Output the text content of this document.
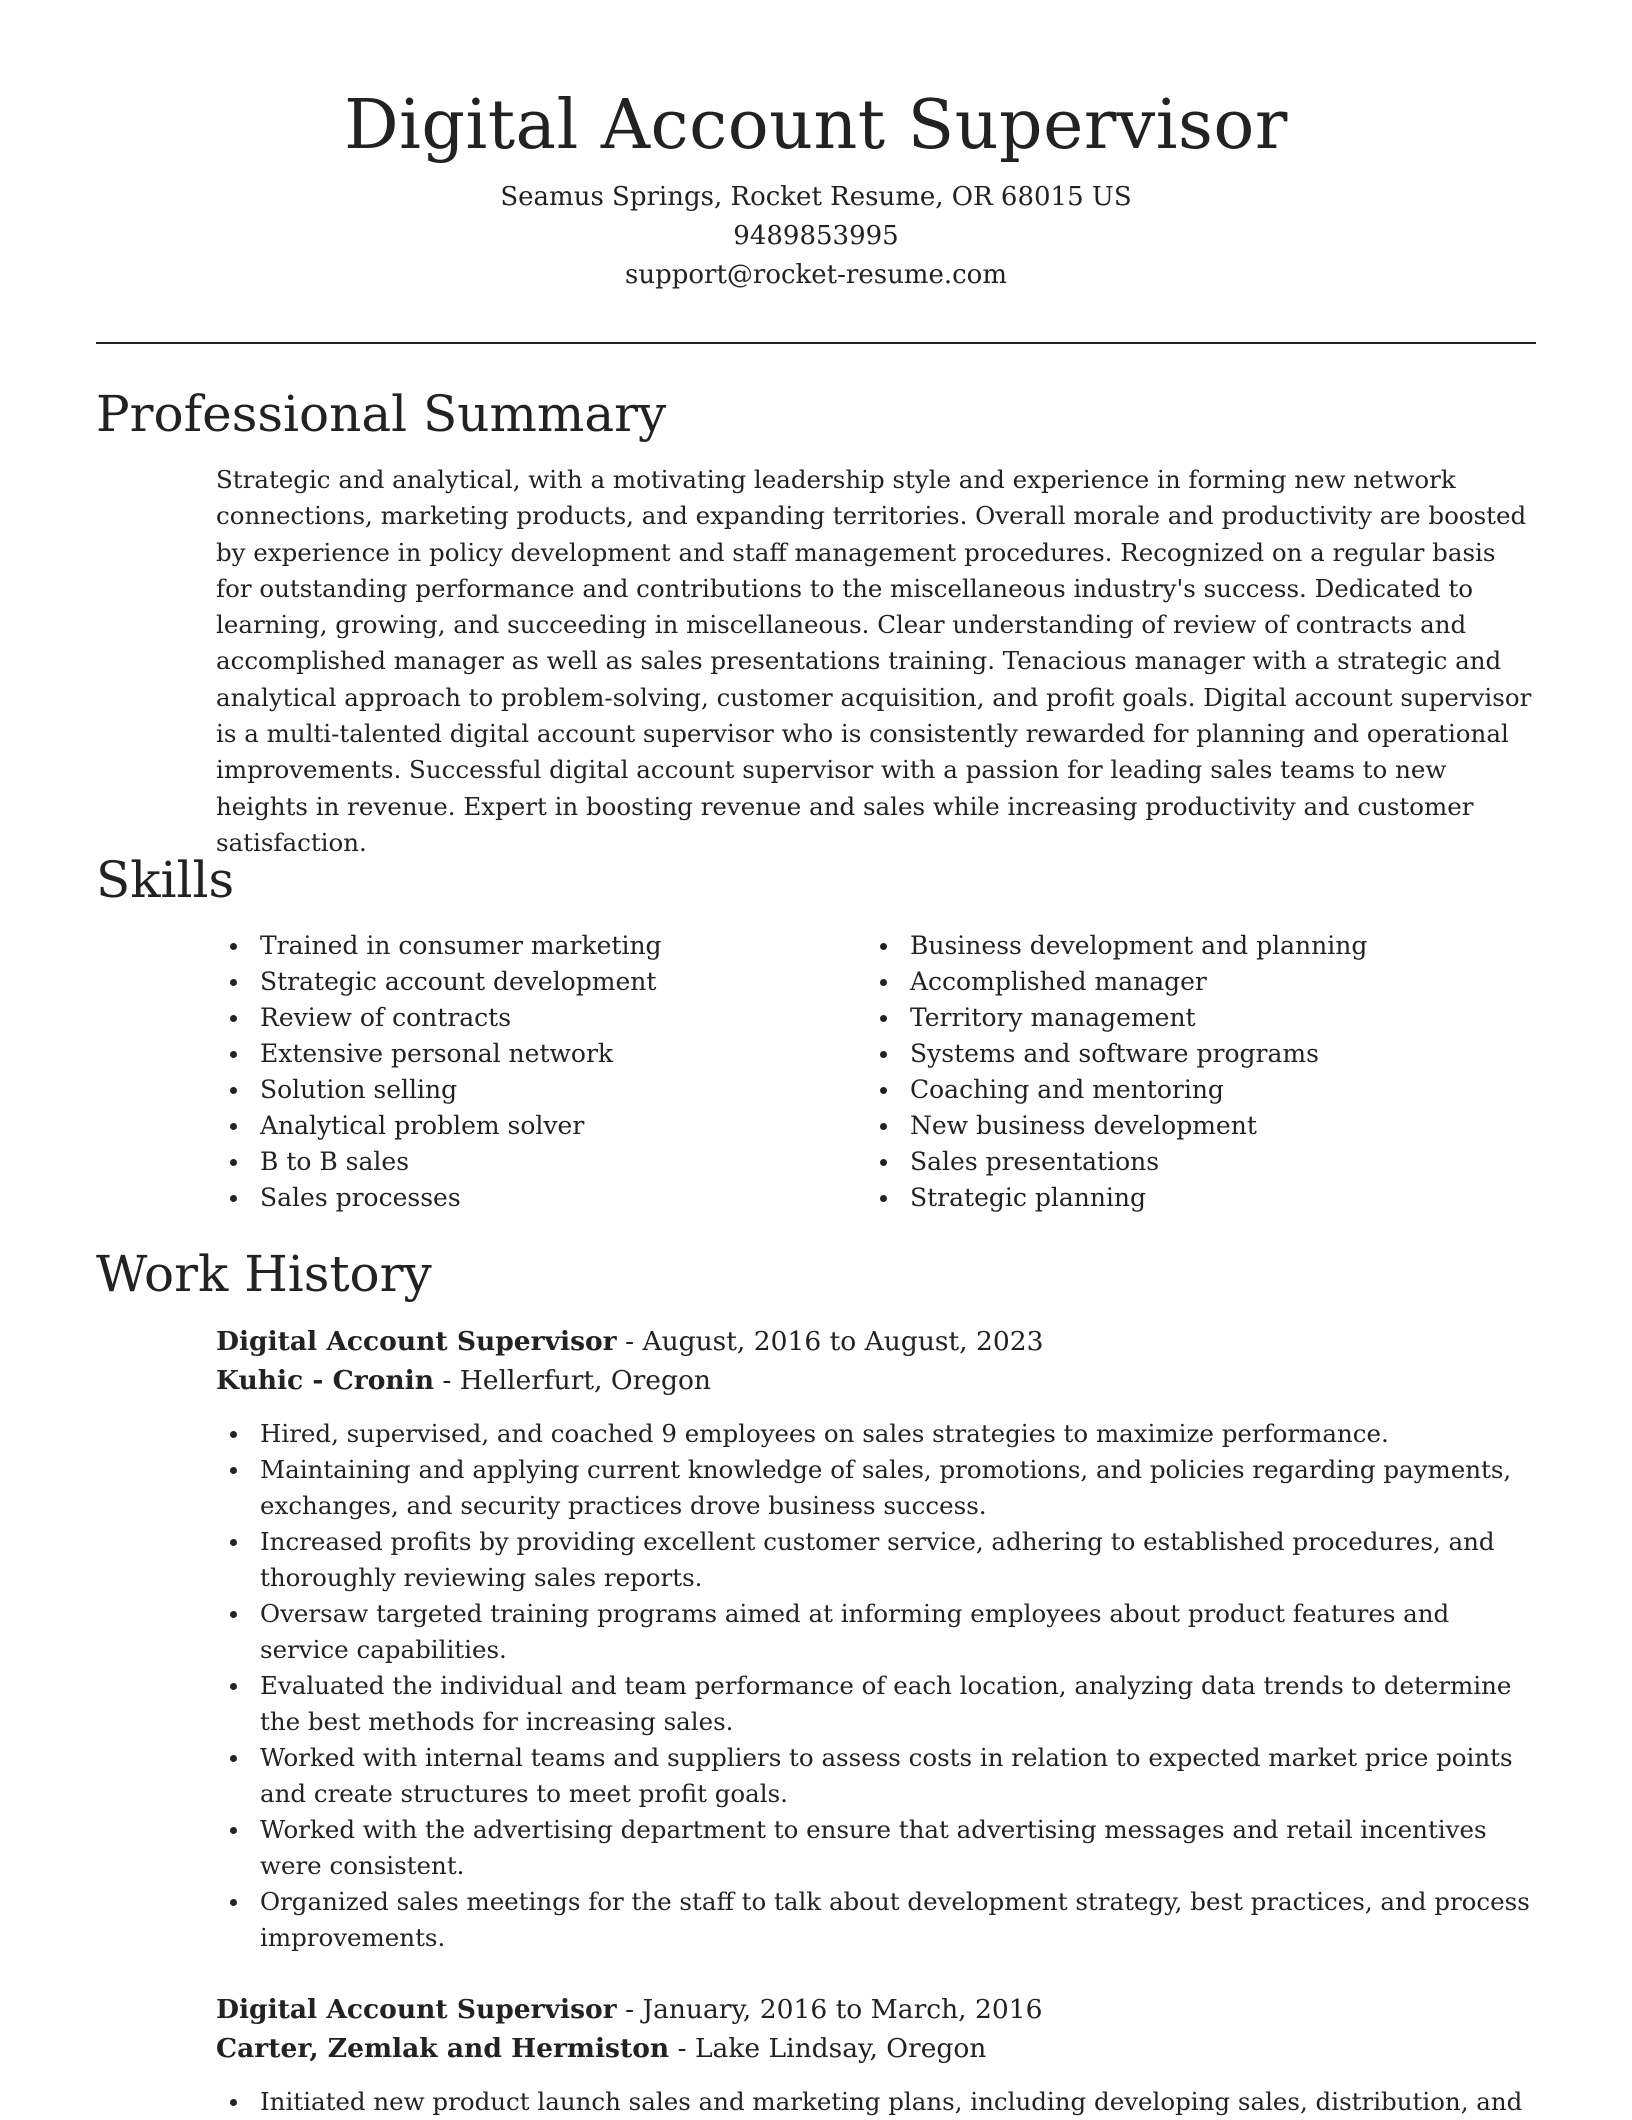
Digital Account Supervisor
Seamus Springs, Rocket Resume, OR 68015 US
9489853995
support@rocket-resume.com
Professional Summary

Strategic and analytical, with a motivating leadership style and experience in forming new network connections, marketing products, and expanding territories. Overall morale and productivity are boosted by experience in policy development and staff management procedures. Recognized on a regular basis for outstanding performance and contributions to the miscellaneous industry's success. Dedicated to learning, growing, and succeeding in miscellaneous. Clear understanding of review of contracts and accomplished manager as well as sales presentations training. Tenacious manager with a strategic and analytical approach to problem-solving, customer acquisition, and profit goals. Digital account supervisor is a multi-talented digital account supervisor who is consistently rewarded for planning and operational improvements. Successful digital account supervisor with a passion for leading sales teams to new heights in revenue. Expert in boosting revenue and sales while increasing productivity and customer satisfaction.

Skills
Trained in consumer marketing
Strategic account development
Review of contracts
Extensive personal network
Solution selling
Analytical problem solver
B to B sales
Sales processes
Business development and planning
Accomplished manager
Territory management
Systems and software programs
Coaching and mentoring
New business development
Sales presentations
Strategic planning
Work History
Digital Account Supervisor - August, 2016 to August, 2023
Kuhic - Cronin - Hellerfurt, Oregon
Hired, supervised, and coached 9 employees on sales strategies to maximize performance.
Maintaining and applying current knowledge of sales, promotions, and policies regarding payments, exchanges, and security practices drove business success.
Increased profits by providing excellent customer service, adhering to established procedures, and thoroughly reviewing sales reports.
Oversaw targeted training programs aimed at informing employees about product features and service capabilities.
Evaluated the individual and team performance of each location, analyzing data trends to determine the best methods for increasing sales.
Worked with internal teams and suppliers to assess costs in relation to expected market price points and create structures to meet profit goals.
Worked with the advertising department to ensure that advertising messages and retail incentives were consistent.
Organized sales meetings for the staff to talk about development strategy, best practices, and process improvements.
Digital Account Supervisor - January, 2016 to March, 2016
Carter, Zemlak and Hermiston - Lake Lindsay, Oregon
Initiated new product launch sales and marketing plans, including developing sales, distribution, and
